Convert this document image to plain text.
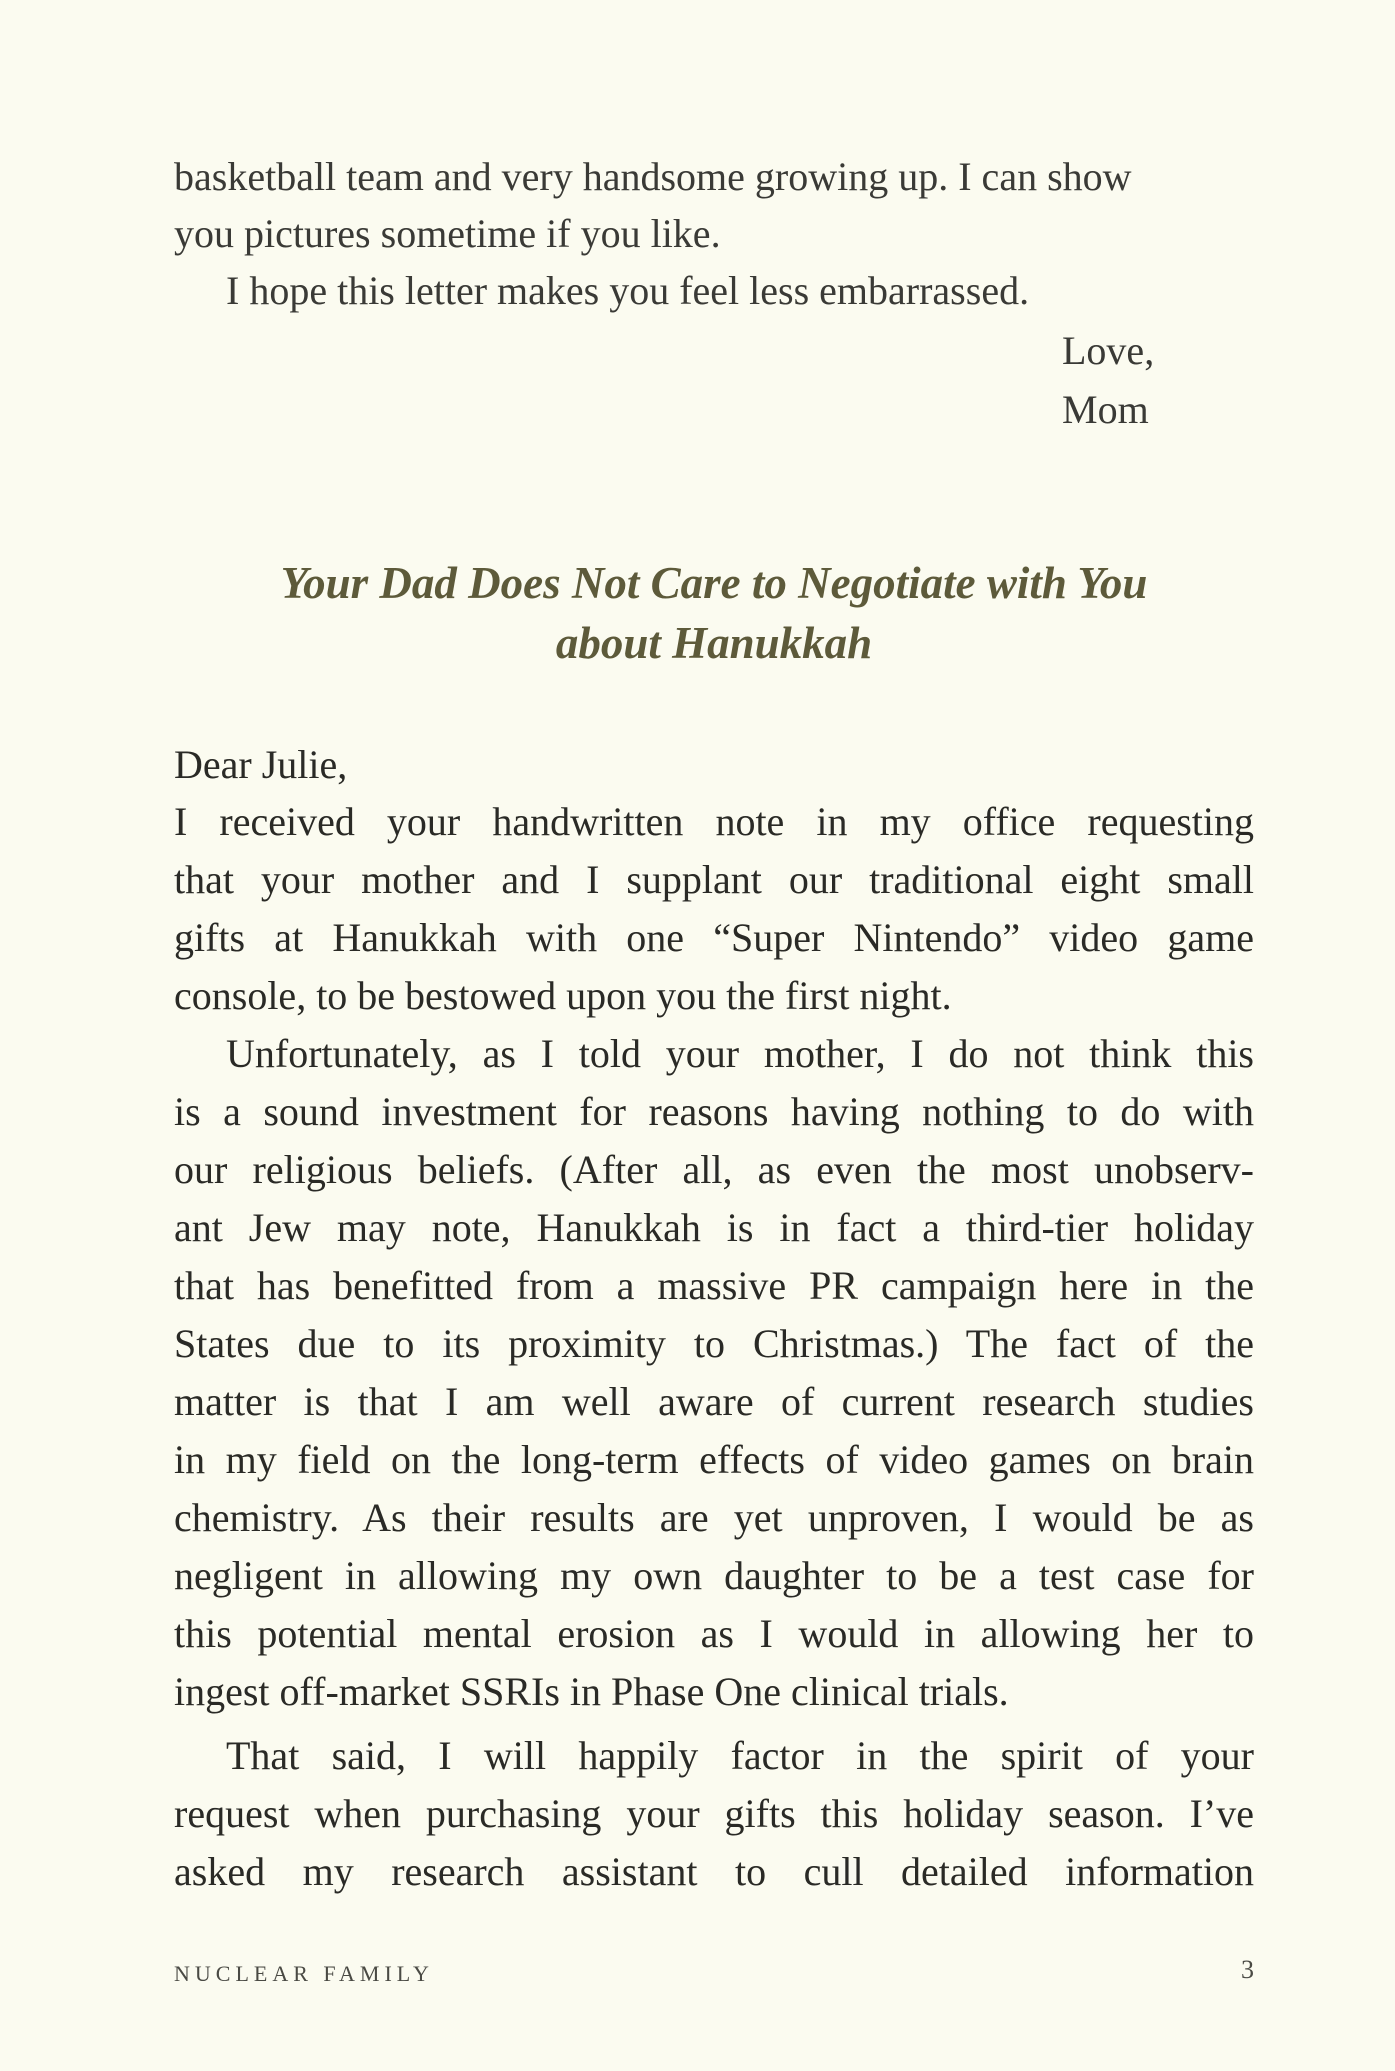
basketball team and very handsome growing up. I can show
you pictures sometime if you like.
I hope this letter makes you feel less embarrassed.
Love,
Mom
Your Dad Does Not Care to Negotiate with You
about Hanukkah
Dear Julie,
I received your handwritten note in my office requesting
that your mother and I supplant our traditional eight small
gifts at Hanukkah with one “Super Nintendo” video game
console, to be bestowed upon you the first night.
Unfortunately, as I told your mother, I do not think this
is a sound investment for reasons having nothing to do with
our religious beliefs. (After all, as even the most unobserv-
ant Jew may note, Hanukkah is in fact a third-tier holiday
that has benefitted from a massive PR campaign here in the
States due to its proximity to Christmas.) The fact of the
matter is that I am well aware of current research studies
in my field on the long-term effects of video games on brain
chemistry. As their results are yet unproven, I would be as
negligent in allowing my own daughter to be a test case for
this potential mental erosion as I would in allowing her to
ingest off-market SSRIs in Phase One clinical trials.
That said, I will happily factor in the spirit of your
request when purchasing your gifts this holiday season. I’ve
asked my research assistant to cull detailed information
NUCLEAR FAMILY	3
